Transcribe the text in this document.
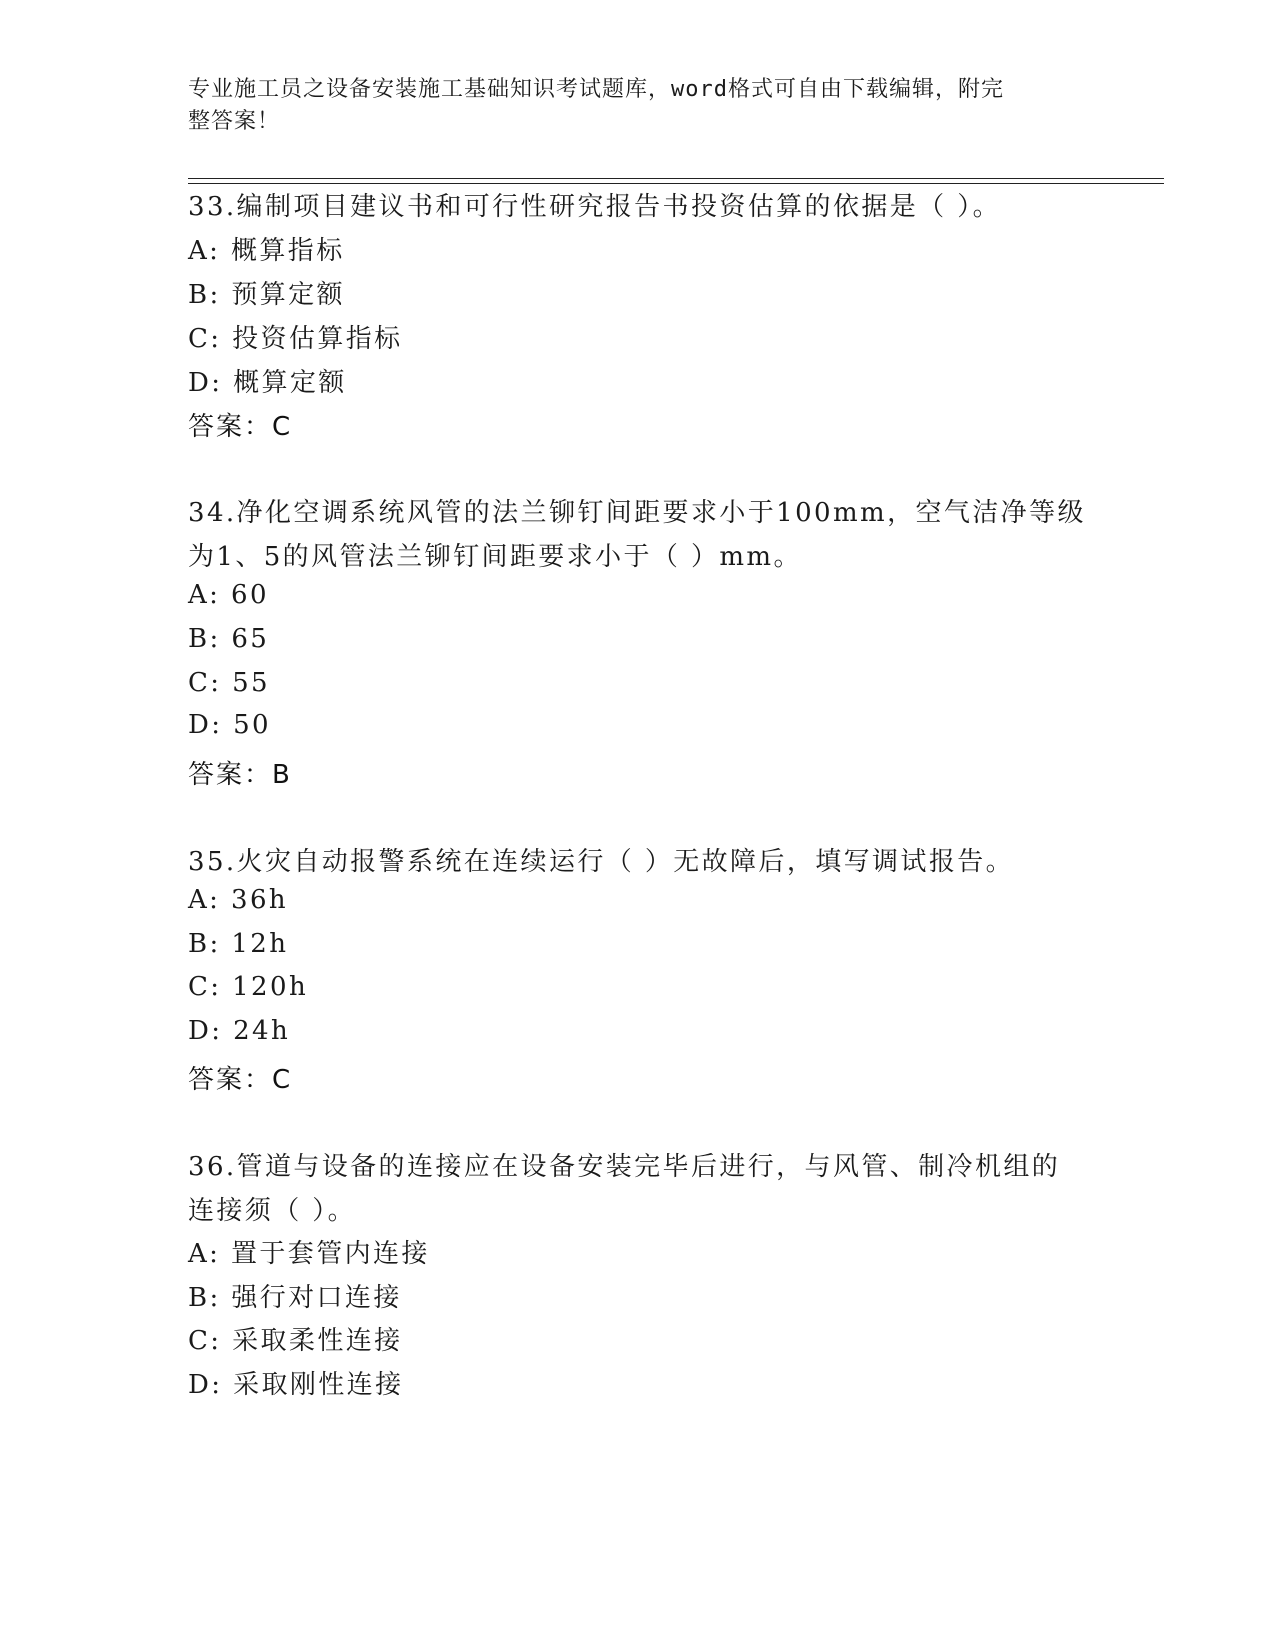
专业施工员之设备安装施工基础知识考试题库，word格式可自由下载编辑，附完
整答案！
33.编制项目建议书和可行性研究报告书投资估算的依据是（ ）。
A: 概算指标
B: 预算定额
C: 投资估算指标
D: 概算定额
答案：C
34.净化空调系统风管的法兰铆钉间距要求小于100mm，空气洁净等级
为1、5的风管法兰铆钉间距要求小于（ ）mm。
A: 60
B: 65
C: 55
D: 50
答案：B
35.火灾自动报警系统在连续运行（ ）无故障后，填写调试报告。
A: 36h
B: 12h
C: 120h
D: 24h
答案：C
36.管道与设备的连接应在设备安装完毕后进行，与风管、制冷机组的
连接须（ ）。
A: 置于套管内连接
B: 强行对口连接
C: 采取柔性连接
D: 采取刚性连接
